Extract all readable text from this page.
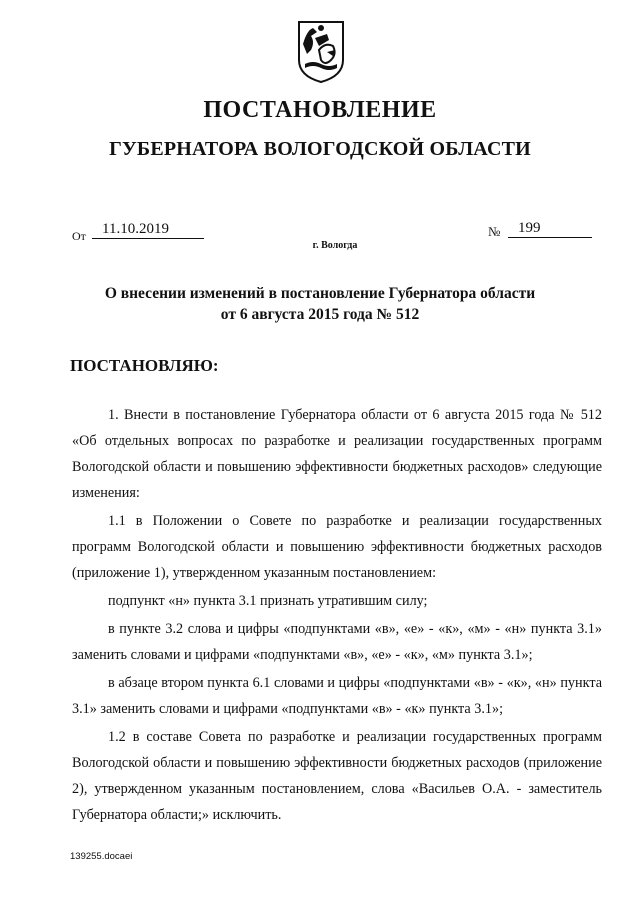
ПОСТАНОВЛЕНИЕ
ГУБЕРНАТОРА ВОЛОГОДСКОЙ ОБЛАСТИ
От	11.10.2019	№	199
г. Вологда
О внесении изменений в постановление Губернатора области
от 6 августа 2015 года № 512
ПОСТАНОВЛЯЮ:

1. Внести в постановление Губернатора области от 6 августа 2015 года № 512 «Об отдельных вопросах по разработке и реализации государственных программ Вологодской области и повышению эффективности бюджетных расходов» следующие изменения:

1.1 в Положении о Совете по разработке и реализации государственных программ Вологодской области и повышению эффективности бюджетных расходов (приложение 1), утвержденном указанным постановлением:

подпункт «н» пункта 3.1 признать утратившим силу;

в пункте 3.2 слова и цифры «подпунктами «в», «е» - «к», «м» - «н» пункта 3.1» заменить словами и цифрами «подпунктами «в», «е» - «к», «м» пункта 3.1»;

в абзаце втором пункта 6.1 словами и цифры «подпунктами «в» - «к», «н» пункта 3.1» заменить словами и цифрами «подпунктами «в» - «к» пункта 3.1»;

1.2 в составе Совета по разработке и реализации государственных программ Вологодской области и повышению эффективности бюджетных расходов (приложение 2), утвержденном указанным постановлением, слова «Васильев О.А. - заместитель Губернатора области;» исключить.

139255.docaei
